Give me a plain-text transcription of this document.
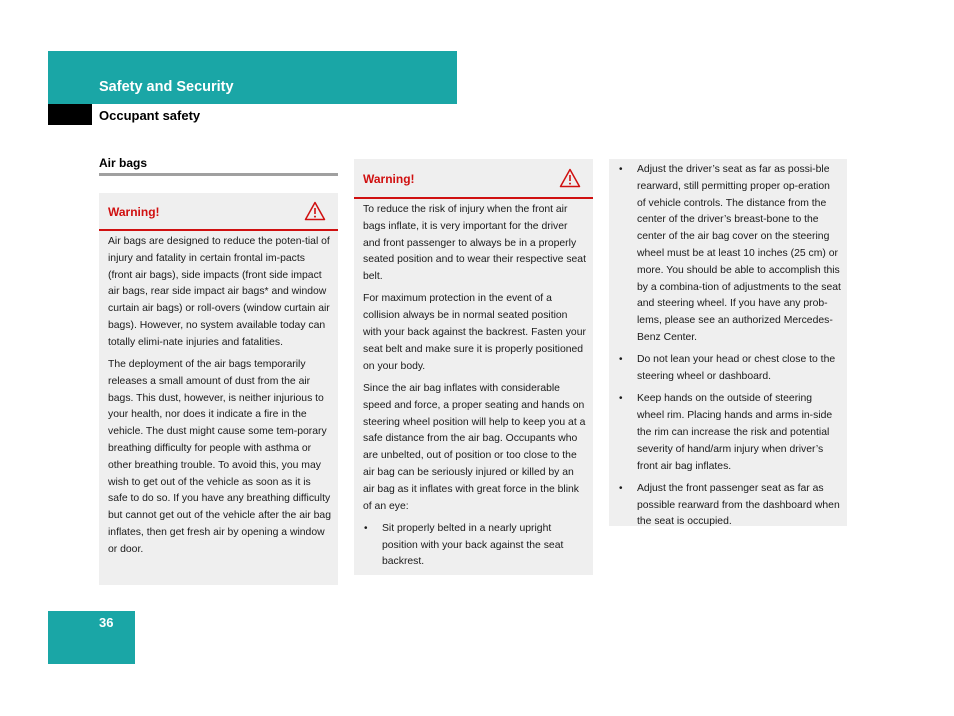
Safety and Security
Occupant safety
Air bags
Warning!

Air bags are designed to reduce the poten-tial of injury and fatality in certain frontal im-pacts (front air bags), side impacts (front side impact air bags, rear side impact air bags* and window curtain air bags) or roll-overs (window curtain air bags). However, no system available today can totally elimi-nate injuries and fatalities.

The deployment of the air bags temporarily releases a small amount of dust from the air bags. This dust, however, is neither injurious to your health, nor does it indicate a fire in the vehicle. The dust might cause some tem-porary breathing difficulty for people with asthma or other breathing trouble. To avoid this, you may wish to get out of the vehicle as soon as it is safe to do so. If you have any breathing difficulty but cannot get out of the vehicle after the air bag inflates, then get fresh air by opening a window or door.

Warning!

To reduce the risk of injury when the front air bags inflate, it is very important for the driver and front passenger to always be in a properly seated position and to wear their respective seat belt.

For maximum protection in the event of a collision always be in normal seated position with your back against the backrest. Fasten your seat belt and make sure it is properly positioned on your body.

Since the air bag inflates with considerable speed and force, a proper seating and hands on steering wheel position will help to keep you at a safe distance from the air bag. Occupants who are unbelted, out of position or too close to the air bag can be seriously injured or killed by an air bag as it inflates with great force in the blink of an eye:

• Sit properly belted in a nearly upright position with your back against the seat backrest.
• Adjust the driver’s seat as far as possi-ble rearward, still permitting proper op-eration of vehicle controls. The distance from the center of the driver’s breast-bone to the center of the air bag cover on the steering wheel must be at least 10 inches (25 cm) or more. You should be able to accomplish this by a combina-tion of adjustments to the seat and steering wheel. If you have any prob-lems, please see an authorized Mercedes-Benz Center.
• Do not lean your head or chest close to the steering wheel or dashboard.
• Keep hands on the outside of steering wheel rim. Placing hands and arms in-side the rim can increase the risk and potential severity of hand/arm injury when driver’s front air bag inflates.
• Adjust the front passenger seat as far as possible rearward from the dashboard when the seat is occupied.
36
